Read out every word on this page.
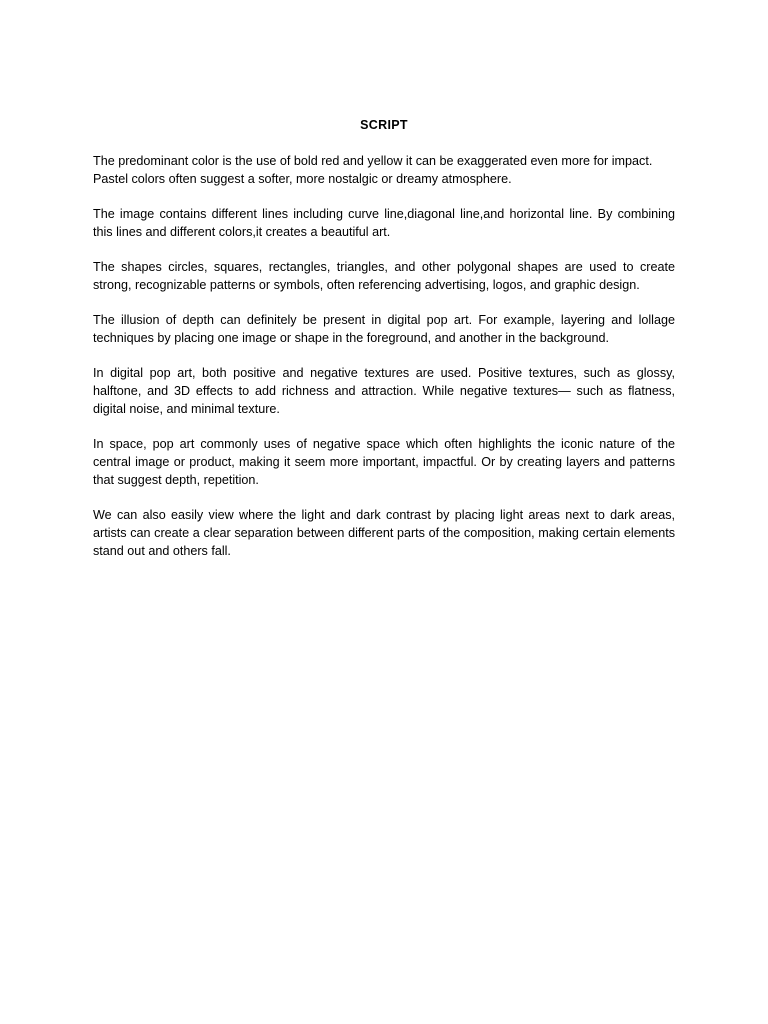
SCRIPT

The predominant color is the use of bold red and yellow it can be exaggerated even more for impact. Pastel colors often suggest a softer, more nostalgic or dreamy atmosphere.

The image contains different lines including curve line,diagonal line,and horizontal line. By combining this lines and different colors,it creates a beautiful art.

The shapes circles, squares, rectangles, triangles, and other polygonal shapes are used to create strong, recognizable patterns or symbols, often referencing advertising, logos, and graphic design.

The illusion of depth can definitely be present in digital pop art. For example, layering and lollage techniques by placing one image or shape in the foreground, and another in the background.

In digital pop art, both positive and negative textures are used. Positive textures, such as glossy, halftone, and 3D effects to add richness and attraction. While negative textures— such as flatness, digital noise, and minimal texture.

In space, pop art commonly uses of negative space which often highlights the iconic nature of the central image or product, making it seem more important, impactful. Or by creating layers and patterns that suggest depth, repetition.

We can also easily view where the light and dark contrast by placing light areas next to dark areas, artists can create a clear separation between different parts of the composition, making certain elements stand out and others fall.
